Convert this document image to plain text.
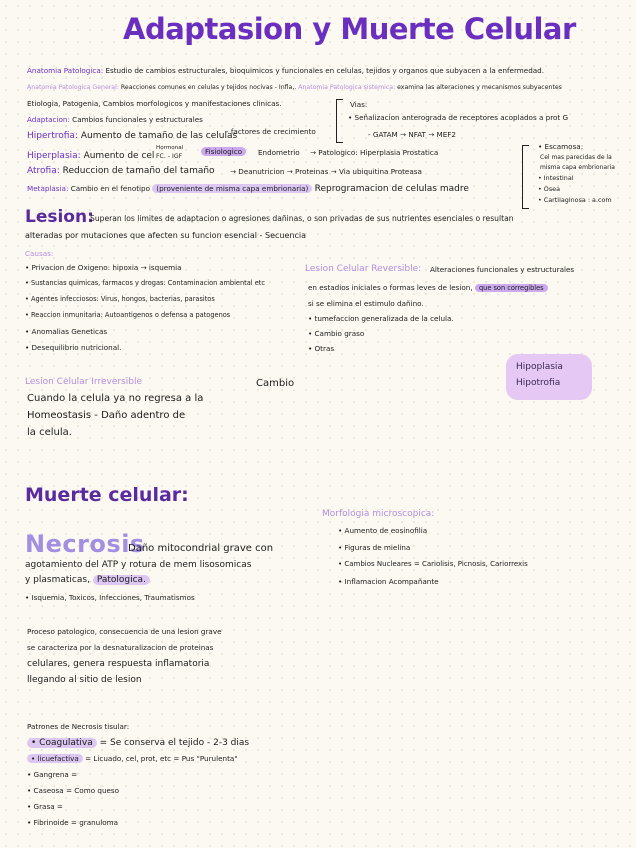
Adaptasion y Muerte Celular
Anatomia Patologica: Estudio de cambios estructurales, bioquimicos y funcionales en celulas, tejidos y organos que subyacen a la enfermedad.
Anatomia Patologica General: Reacciones comunes en celulas y tejidos nocivas - Infla,. Anatomia Patologica sistemica: examina las alteraciones y mecanismos subyacentes
Etiologia, Patogenia, Cambios morfologicos y manifestaciones clinicas.
Adaptacion: Cambios funcionales y estructurales
Hipertrofia: Aumento de tamaño de las celulas
- factores de crecimiento
Vias:
• Señalizacion anterograda de receptores acoplados a prot G
- GATAM → NFAT → MEF2
Hiperplasia: Aumento de cel
Hormonal
FC. - IGF
Fisiologico	Endometrio → Patologico: Hiperplasia Prostatica
Atrofia: Reduccion de tamaño del tamaño → Deanutricion → Proteinas → Via ubiquitina Proteasa
Metaplasia: Cambio en el fenotipo (proveniente de misma capa embrionaria) Reprogramacion de celulas madre
• Escamosa:
Cel mas parecidas de la
misma capa embrionaria
• Intestinal
• Osea
• Cartilaginosa : a.com
Lesion:
Superan los limites de adaptacion o agresiones dañinas, o son privadas de sus nutrientes esenciales o resultan
alteradas por mutaciones que afecten su funcion esencial - Secuencia
Causas:
• Privacion de Oxigeno: hipoxia → isquemia
• Sustancias quimicas, farmacos y drogas: Contaminacion ambiental etc
• Agentes infecciosos: Virus, hongos, bacterias, parasitos
• Reaccion inmunitaria: Autoantigenos o defensa a patogenos
• Anomalias Geneticas
• Desequilibrio nutricional.
Lesion Celular Reversible: Alteraciones funcionales y estructurales
en estadios iniciales o formas leves de lesion, que son corregibles
si se elimina el estimulo dañino.
• tumefaccion generalizada de la celula.
• Cambio graso
• Otras
Hipoplasia
Hipotrofia
Lesion Celular Irreversible
Cuando la celula ya no regresa a la
Homeostasis - Daño adentro de
la celula.
Cambio
Muerte celular:
Necrosis
Daño mitocondrial grave con
agotamiento del ATP y rotura de mem lisosomicas
y plasmaticas, Patologica.
• Isquemia, Toxicos, Infecciones, Traumatismos
Proceso patologico, consecuencia de una lesion grave
se caracteriza por la desnaturalizacion de proteinas
celulares, genera respuesta inflamatoria
llegando al sitio de lesion
Morfologia microscopica:
• Aumento de eosinofilia
• Figuras de mielina
• Cambios Nucleares = Cariolisis, Picnosis, Cariorrexis
• Inflamacion Acompañante
Patrones de Necrosis tisular:
• Coagulativa = Se conserva el tejido - 2-3 dias
• licuefactiva = Licuado, cel, prot, etc = Pus "Purulenta"
• Gangrena =
• Caseosa = Como queso
• Grasa =
• Fibrinoide = granuloma
